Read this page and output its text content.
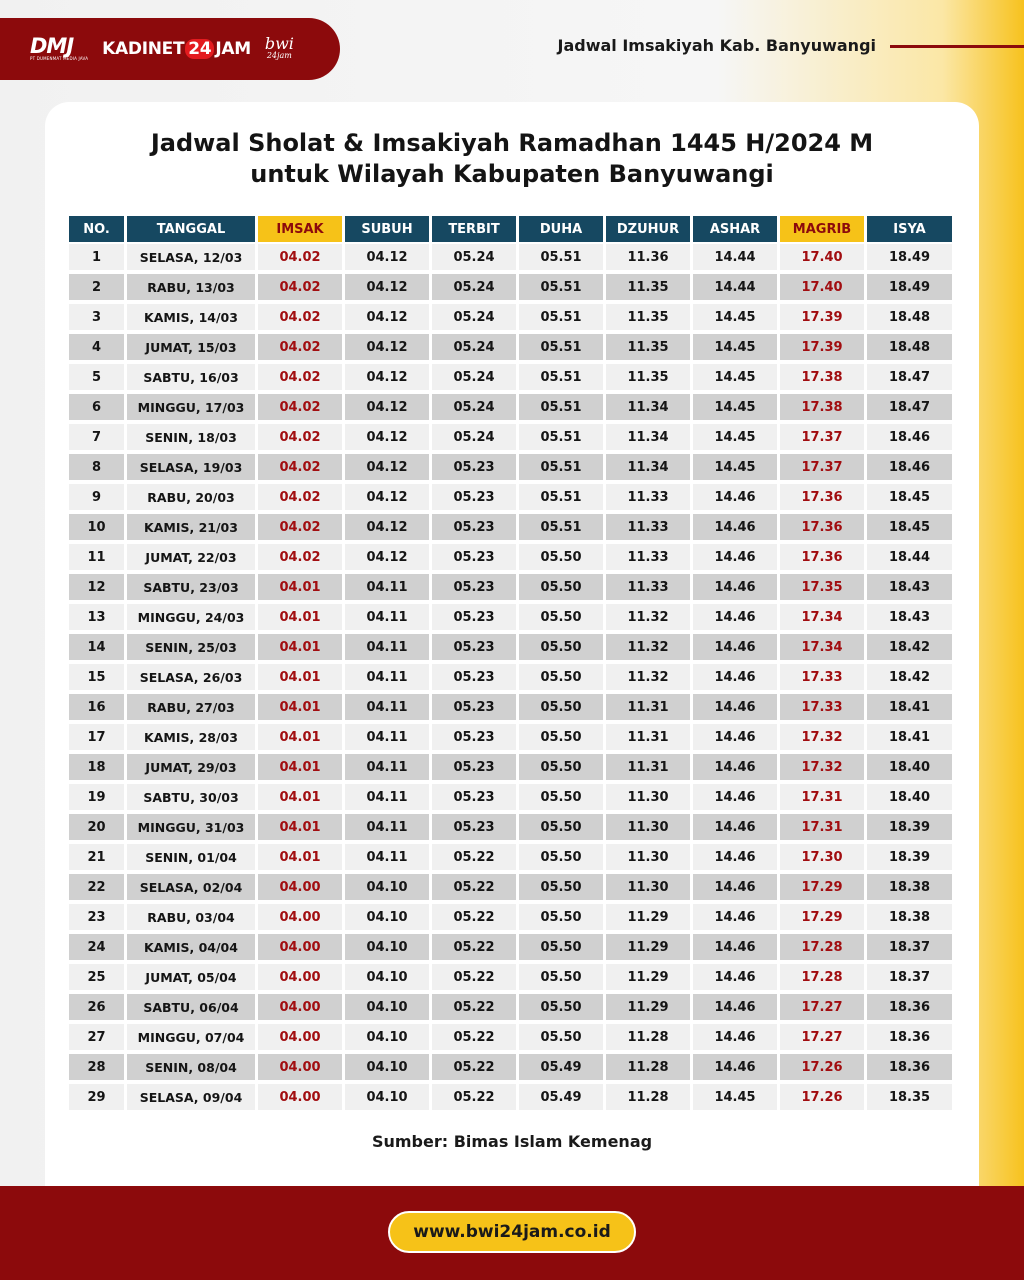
DMJ
PT DUMENMAT MEDIA JAVA KADINET 24 JAM bwi
24jam
Jadwal Imsakiyah Kab. Banyuwangi
Jadwal Sholat & Imsakiyah Ramadhan 1445 H/2024 M
untuk Wilayah Kabupaten Banyuwangi
NO.	TANGGAL	IMSAK	SUBUH	TERBIT	DUHA	DZUHUR	ASHAR	MAGRIB	ISYA
1	SELASA, 12/03	04.02	04.12	05.24	05.51	11.36	14.44	17.40	18.49
2	RABU, 13/03	04.02	04.12	05.24	05.51	11.35	14.44	17.40	18.49
3	KAMIS, 14/03	04.02	04.12	05.24	05.51	11.35	14.45	17.39	18.48
4	JUMAT, 15/03	04.02	04.12	05.24	05.51	11.35	14.45	17.39	18.48
5	SABTU, 16/03	04.02	04.12	05.24	05.51	11.35	14.45	17.38	18.47
6	MINGGU, 17/03	04.02	04.12	05.24	05.51	11.34	14.45	17.38	18.47
7	SENIN, 18/03	04.02	04.12	05.24	05.51	11.34	14.45	17.37	18.46
8	SELASA, 19/03	04.02	04.12	05.23	05.51	11.34	14.45	17.37	18.46
9	RABU, 20/03	04.02	04.12	05.23	05.51	11.33	14.46	17.36	18.45
10	KAMIS, 21/03	04.02	04.12	05.23	05.51	11.33	14.46	17.36	18.45
11	JUMAT, 22/03	04.02	04.12	05.23	05.50	11.33	14.46	17.36	18.44
12	SABTU, 23/03	04.01	04.11	05.23	05.50	11.33	14.46	17.35	18.43
13	MINGGU, 24/03	04.01	04.11	05.23	05.50	11.32	14.46	17.34	18.43
14	SENIN, 25/03	04.01	04.11	05.23	05.50	11.32	14.46	17.34	18.42
15	SELASA, 26/03	04.01	04.11	05.23	05.50	11.32	14.46	17.33	18.42
16	RABU, 27/03	04.01	04.11	05.23	05.50	11.31	14.46	17.33	18.41
17	KAMIS, 28/03	04.01	04.11	05.23	05.50	11.31	14.46	17.32	18.41
18	JUMAT, 29/03	04.01	04.11	05.23	05.50	11.31	14.46	17.32	18.40
19	SABTU, 30/03	04.01	04.11	05.23	05.50	11.30	14.46	17.31	18.40
20	MINGGU, 31/03	04.01	04.11	05.23	05.50	11.30	14.46	17.31	18.39
21	SENIN, 01/04	04.01	04.11	05.22	05.50	11.30	14.46	17.30	18.39
22	SELASA, 02/04	04.00	04.10	05.22	05.50	11.30	14.46	17.29	18.38
23	RABU, 03/04	04.00	04.10	05.22	05.50	11.29	14.46	17.29	18.38
24	KAMIS, 04/04	04.00	04.10	05.22	05.50	11.29	14.46	17.28	18.37
25	JUMAT, 05/04	04.00	04.10	05.22	05.50	11.29	14.46	17.28	18.37
26	SABTU, 06/04	04.00	04.10	05.22	05.50	11.29	14.46	17.27	18.36
27	MINGGU, 07/04	04.00	04.10	05.22	05.50	11.28	14.46	17.27	18.36
28	SENIN, 08/04	04.00	04.10	05.22	05.49	11.28	14.46	17.26	18.36
29	SELASA, 09/04	04.00	04.10	05.22	05.49	11.28	14.45	17.26	18.35
Sumber: Bimas Islam Kemenag
www.bwi24jam.co.id
